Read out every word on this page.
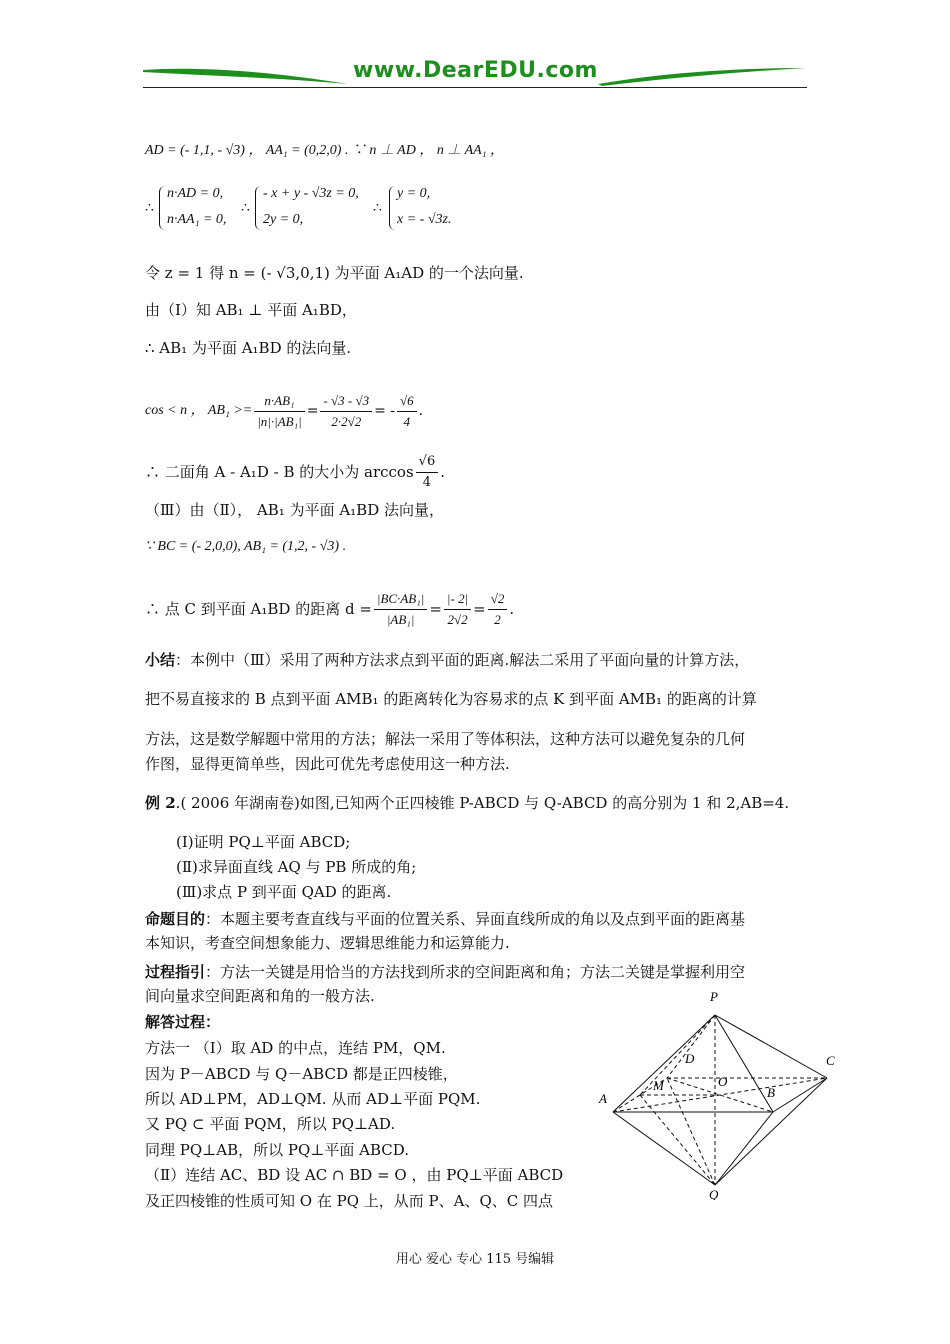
www.DearEDU.com
AD = (- 1,1, - √3) ， AA₁ = (0,2,0) . ∵ n ⊥ AD ， n ⊥ AA₁ ，
∴
n·AD = 0,
n·AA₁ = 0,
∴
- x + y - √3z = 0,
2y = 0,
∴
y = 0,
x = - √3z.
令 z = 1 得 n = (- √3,0,1) 为平面 A₁AD 的一个法向量.
由（Ⅰ）知 AB₁ ⊥ 平面 A₁BD，
∴ AB₁ 为平面 A₁BD 的法向量.
cos < n ， $AB_1 >= \frac{\text{n·AB₁}}{\text{|n|·|AB₁|}} = \frac{- √3 - √3}{2\cdot 2√2}$ = - $\frac{√6}{4}$ .
∴ 二面角 A - A₁D - B 的大小为 $\arccos \frac{√6}{4}$ .
（Ⅲ）由（Ⅱ）， AB₁ 为平面 A₁BD 法向量，
∵ BC = (- 2,0,0), AB₁ = (1,2, - √3) .
∴ 点 C 到平面 A₁BD 的距离 $d = \frac{\text{|BC·AB₁|}}{\text{|AB₁|}} = \frac{|- 2|}{2√2} = \frac{√2}{2}$ .
小结：本例中（Ⅲ）采用了两种方法求点到平面的距离.解法二采用了平面向量的计算方法，
把不易直接求的 B 点到平面 AMB₁ 的距离转化为容易求的点 K 到平面 AMB₁ 的距离的计算
方法，这是数学解题中常用的方法；解法一采用了等体积法，这种方法可以避免复杂的几何
作图，显得更简单些，因此可优先考虑使用这一种方法.
例 2.( 2006 年湖南卷)如图,已知两个正四棱锥 P-ABCD 与 Q-ABCD 的高分别为 1 和 2,AB=4.
(Ⅰ)证明 PQ⊥平面 ABCD;
(Ⅱ)求异面直线 AQ 与 PB 所成的角;
(Ⅲ)求点 P 到平面 QAD 的距离.
命题目的：本题主要考查直线与平面的位置关系、异面直线所成的角以及点到平面的距离基
本知识，考查空间想象能力、逻辑思维能力和运算能力.
过程指引：方法一关键是用恰当的方法找到所求的空间距离和角；方法二关键是掌握利用空
间向量求空间距离和角的一般方法.
解答过程：
方法一 （Ⅰ）取 AD 的中点，连结 PM，QM.
因为 P－ABCD 与 Q－ABCD 都是正四棱锥，
所以 AD⊥PM，AD⊥QM. 从而 AD⊥平面 PQM.
又 PQ ⊂ 平面 PQM，所以 PQ⊥AD.
同理 PQ⊥AB，所以 PQ⊥平面 ABCD.
（Ⅱ）连结 AC、BD 设 AC ∩ BD = O ，由 PQ⊥平面 ABCD
及正四棱锥的性质可知 O 在 PQ 上，从而 P、A、Q、C 四点
P
A	B
C
D
M	O
Q
用心 爱心 专心 115 号编辑
